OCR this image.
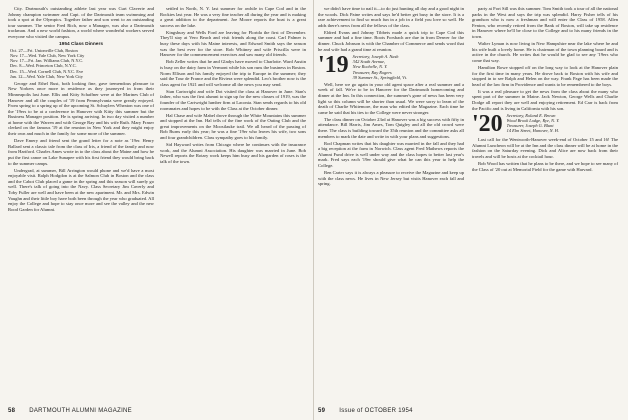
City. Dartmouth's outstanding athlete last year was Curt Claverie and Johnny champion swimmer and Capt. of the Dartmouth team swimming and took a spot at the Olympics. Together father and son went to an outstanding tour summer. The senior Fred Rich, now a Manager, was also a Dartmouth trackman. And a new world fashion, a world where wonderful workers served everyone who visited the campus.

1954 Class Dinners
Oct. 27—Fri. Unionville Club, Boston
Nov. 17—Wed. Yale Club, New York City
Nov. 17—Fri. Jan. Williams Club, N.Y.C.
Dec. 8—Wed. Princeton Club, N.Y.C.
Dec. 15—Wed. Cornell Club, N.Y.C. Eve
Jan. 12—Wed. Yale Club, New York City

George and Ethel Rust, both looking fine, gave tremendous pleasure to New Yorkers once more in residence as they journeyed in from their Minneapolis last June. Ellis and Kitty Schaffner were at the Marines Club of Hanover and all the couples of '19 from Pennsylvania were greatly enjoyed. From spring to a spring up of the upcoming St. Schuylers Wheaton was one of the '19ers to be at a conference in Hanover with Kitty this summer but the Business Manager position. He is spring arriving. In two day visited a number at home with the Warren and with George Ray and his wife Ruth. Mary Fraser clerked on the famous '19 at the reunion in New York and they might enjoy their own and much in the family for some more of the summer.

Dave Emery and friend sent the grand letter for a note as '19er. Henry Ballard sent a classic tale from the class of Iris, a friend of the family and now from Hartford. Charles Ames wrote in to the class about the Maine and how he put the first canoe on Lake Sunapee with his first friend they would bring back to the summer camps.

Undergrad, at summer, Bill Arrington would phone and we'd have a most enjoyable visit. Ralph Hodgdon is at the Salmon Club in Boston and the class and the Cabot Club placed a game in the spring and this season will surely go well. There's talk of going into the Navy. Class Secretary Jim Caverly and Toby Fuller are well and have been at the new apartment. Mr. and Mrs. Edwin Vaughn and their little boy have both been through the year who graduated. All enjoy the College and hope to stay once more and see the valley and the new Rood Garden for Alumni.

settled in North, N. Y. last summer for awhile in Cape Cod and in the Rockies last year. He was a very fine teacher all during the year and is making a great addition to the department. Joe Moore reports the boat is a great success on the lake.

Kingsbury and Wells Ford are leaving for Florida the first of December. They'll stay at Vero Beach and visit friends along the coast. Carl Palmer is busy these days with his Maine interests, and Edward Smith says the season was the best ever for the store. Rob Whitney and wife Priscilla were in Hanover for the commencement exercises and saw many old friends.

Bob Zeller writes that he and Gladys have moved to Charlotte. Ward Austin is busy on the dairy farm in Vermont while his son runs the business in Boston. Norm Ellison and his family enjoyed the trip to Europe in the summer; they said the Tour de France and the Riviera were splendid. Leo's brother now is the class agent for 1921 and will welcome all the news you may send.

Stan Cartwright and wife Dot visited the class at Hanover in June. Stan's father, who was the first alumni to sign up for the new classes of 1919, was the founder of the Cartwright lumber firm at Laconia. Stan sends regards to his old roommates and hopes to be with the Class at the October dinner.

Hal Chase and wife Mabel drove through the White Mountains this summer and stopped at the Inn. Hal tells of the fine work of the Outing Club and the great improvements on the Moosilauke trail. We all heard of the passing of Bob Burns early this year; he was a fine '19er who leaves his wife, two sons and four grandchildren. Class sympathy goes to his family.

Sid Hayward writes from Chicago where he continues with the insurance work, and the Alumni Association. His daughter was married in June. Bob Newell reports the Rotary work keeps him busy and his garden of roses is the talk of the town.

we didn't have time to nail it—to do just hunting all day and a good night in the woods. Dick Paine writes and says he'd better get busy in the store. It is a rare achievement to find so much fun in a job in a field you love so well. He adds there's news from all the fellows of the class.

Eldred Evans and Johnny Tibbets made a quick trip to Cape Cod this summer and had a fine time. Boots Forsbach are due in from Denver for the dinner. Chuck Johnson is with the Chamber of Commerce and sends word that he and wife had a grand time at reunion.

'19 Secretary, Joseph A. Nash
342 South Avenue,
New Rochelle, N. Y.
Treasurer, Ray Rogers
39 Summer St., Springfield, Vt.

Well, here we go again in your old agent space after a real summer and a week of fall. We're to be in Hanover for the Dartmouth homecoming and dinner at the Inn. In this connection, the summer's gone of news has been very light so this column will be shorter than usual. We were sorry to learn of the death of Charlie Whitemore, the man who edited the Magazine. Each time he came he said that his ties to the College were never stronger.

The class dinner on October 23rd at Hanover was a big success with fifty in attendance. Bill Harris, Jim Ames, Tom Quigley and all the old crowd were there. The class is building toward the 35th reunion and the committee asks all members to mark the date and write in with your plans and suggestions.

Rod Chapman writes that his daughter was married in the fall and they had a big reception at the farm in Norwich. Class agent Fred Mathews reports the Alumni Fund drive is well under way and the class hopes to better last year's mark. Fred says each '19er should give what he can this year to help the College.

Ben Carter says it is always a pleasure to receive the Magazine and keep up with the class news. He lives in New Jersey but visits Hanover each fall and spring.

party at Fort Sill was this summer. Tom Smith took a tour of all the national parks in the West and says the trip was splendid. Harry Fisher tells of his grandson who is now a freshman and will enter the Class of 1958. Allen Fenton, who recently retired from the Bank of Boston, will take up residence in Hanover where he'll be close to the College and to his many friends in the town.

Walter Lyman is now living in New Hampshire near the lake where he and his wife built a lovely home. He is chairman of the town planning board and is active in the church. He writes that he would be glad to see any '19ers who come that way.

Hamilton Rowe stopped off on the long way to look at the Hanover plain for the first time in many years. He drove back to Boston with his wife and stopped in to see Ralph and Helen on the way. Frank Page has been made the head of the law firm in Providence and wants to be remembered to the boys.

It was a real pleasure to get the news from the class about the many who spent part of the summer in Maine. Jack Newton, George Wells and Charlie Dodge all report they are well and enjoying retirement. Ed Carr is back from the Pacific and is living in California with his son.

'20 Secretary, Roland E. Brown
Wood Brook Lodge, Rye, N. Y.
Treasurer, Joseph G. Blunt
14 Elm Street, Hanover, N. H.

Last call for the Wentworth-Hanover week-end of October 15 and 16! The Alumni Luncheon will be at the Inn and the class dinner will be at home in the fashion on the Saturday evening. Dick and Alice are now back from their travels and will be hosts at the cocktail hour.

Bob Wood has written that he plans to be there, and we hope to see many of the Class of '20 out at Memorial Field for the game with Harvard.

58 DARTMOUTH ALUMNI MAGAZINE	59 Issue of OCTOBER 1954
